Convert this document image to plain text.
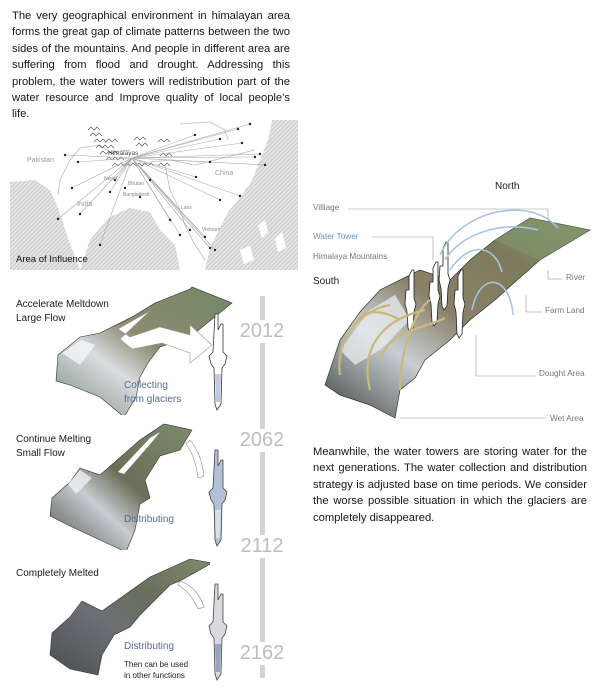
The very geographical environment in himalayan area forms the great gap of climate patterns between the two sides of the mountains. And people in different area are suffering from flood and drought. Addressing this problem, the water towers will redistribution part of the water resource and Improve quality of local people’s life.
Himalayas
Pakistan
India
China
Nepal
Bhutan
Bangladesh
Laos
Vietnam
Area of Influence
2012
2062
2112
2162
Accelerate Meltdown
Large Flow
Collecting
from glaciers
Continue Melting
Small Flow
Distributing
Completely Melted
Distributing
Then can be used
in other functions
North
South
Villiage
Water Tower
Himalaya Mountains
River
Farm Land
Dought Area
Wet Area
Meanwhile, the water towers are storing water for the next generations. The water collection and distribution strategy is adjusted base on time periods. We consider the worse possible situation in which the glaciers are completely disappeared.
